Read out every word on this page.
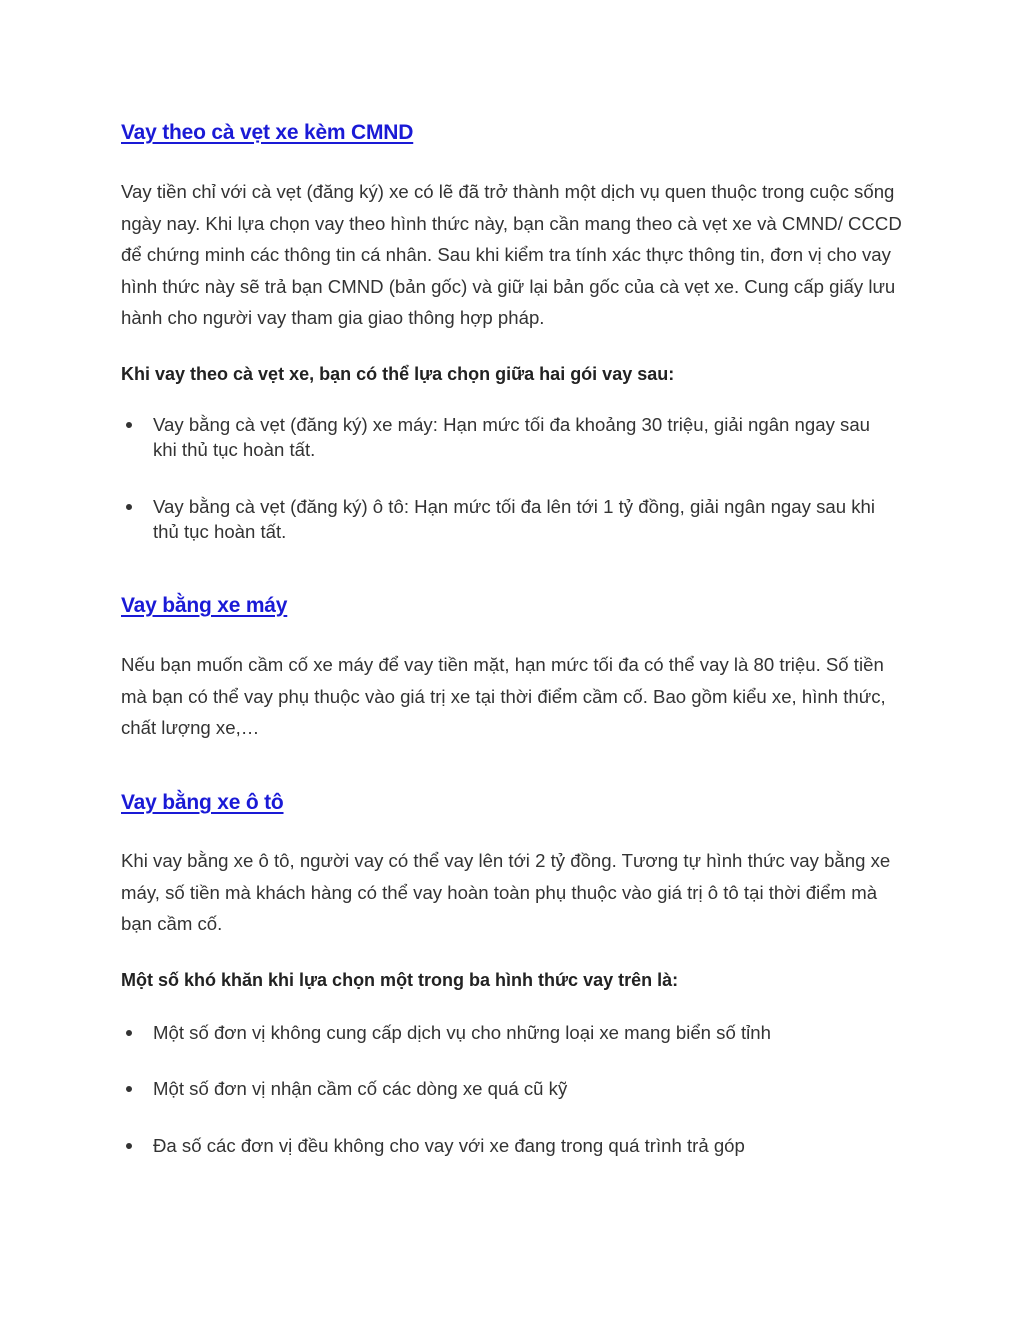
Vay theo cà vẹt xe kèm CMND

Vay tiền chỉ với cà vẹt (đăng ký) xe có lẽ đã trở thành một dịch vụ quen thuộc trong cuộc sống ngày nay. Khi lựa chọn vay theo hình thức này, bạn cần mang theo cà vẹt xe và CMND/ CCCD để chứng minh các thông tin cá nhân. Sau khi kiểm tra tính xác thực thông tin, đơn vị cho vay hình thức này sẽ trả bạn CMND (bản gốc) và giữ lại bản gốc của cà vẹt xe. Cung cấp giấy lưu hành cho người vay tham gia giao thông hợp pháp.

Khi vay theo cà vẹt xe, bạn có thể lựa chọn giữa hai gói vay sau:

Vay bằng cà vẹt (đăng ký) xe máy: Hạn mức tối đa khoảng 30 triệu, giải ngân ngay sau khi thủ tục hoàn tất.
Vay bằng cà vẹt (đăng ký) ô tô: Hạn mức tối đa lên tới 1 tỷ đồng, giải ngân ngay sau khi thủ tục hoàn tất.
Vay bằng xe máy

Nếu bạn muốn cầm cố xe máy để vay tiền mặt, hạn mức tối đa có thể vay là 80 triệu. Số tiền mà bạn có thể vay phụ thuộc vào giá trị xe tại thời điểm cầm cố. Bao gồm kiểu xe, hình thức, chất lượng xe,…

Vay bằng xe ô tô

Khi vay bằng xe ô tô, người vay có thể vay lên tới 2 tỷ đồng. Tương tự hình thức vay bằng xe máy, số tiền mà khách hàng có thể vay hoàn toàn phụ thuộc vào giá trị ô tô tại thời điểm mà bạn cầm cố.

Một số khó khăn khi lựa chọn một trong ba hình thức vay trên là:

Một số đơn vị không cung cấp dịch vụ cho những loại xe mang biển số tỉnh
Một số đơn vị nhận cầm cố các dòng xe quá cũ kỹ
Đa số các đơn vị đều không cho vay với xe đang trong quá trình trả góp
